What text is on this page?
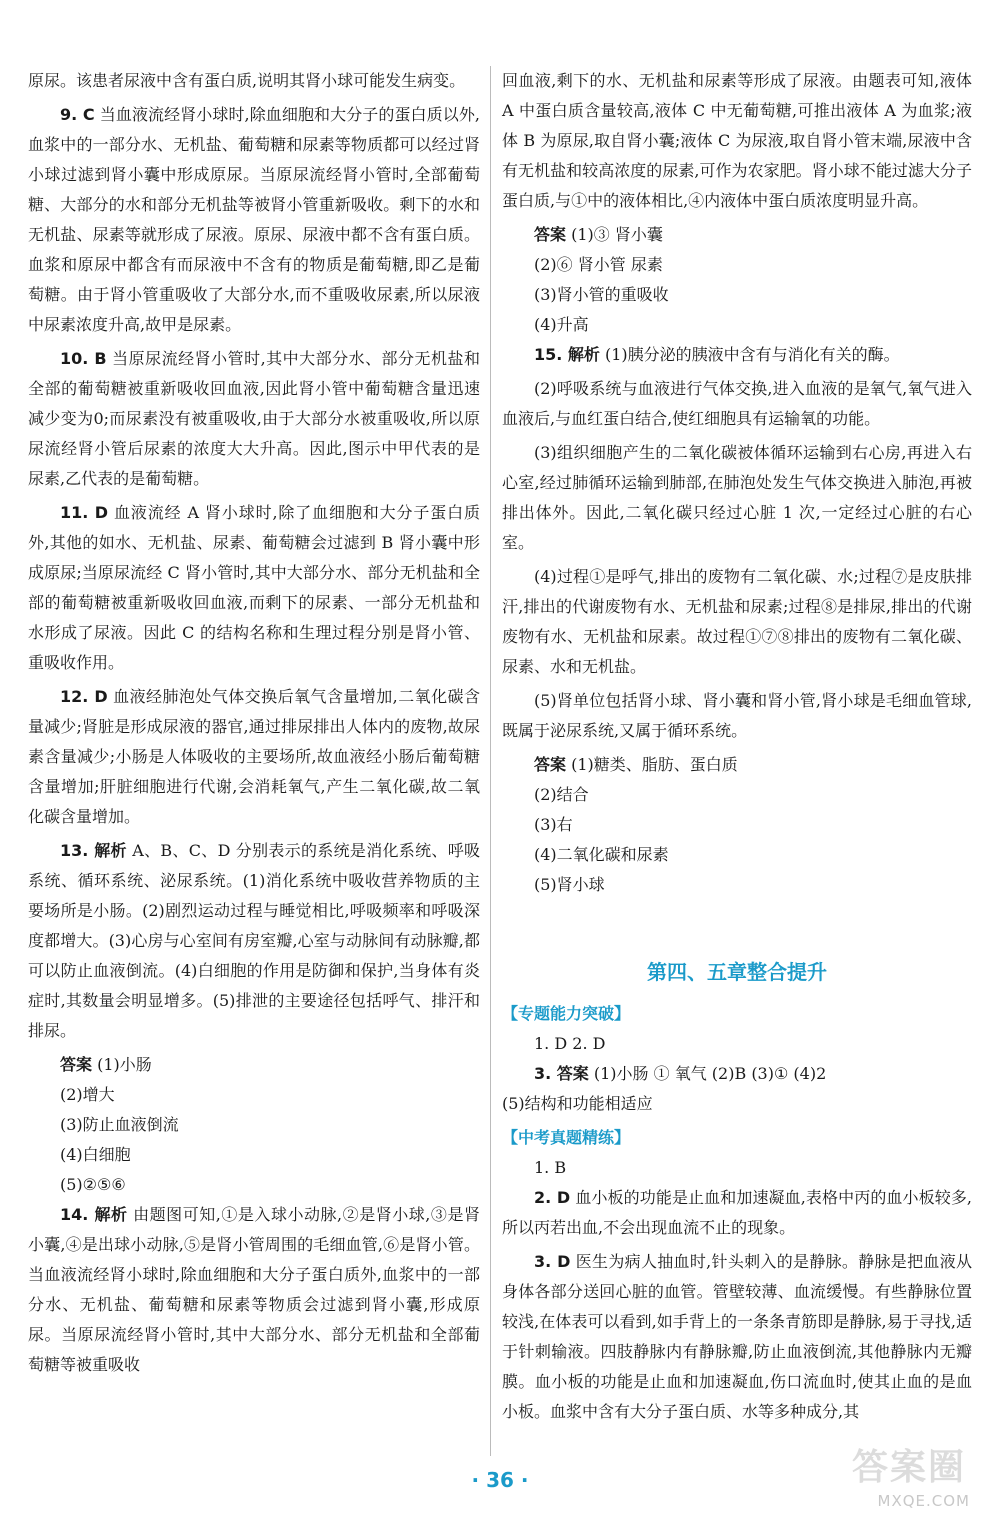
原尿。该患者尿液中含有蛋白质,说明其肾小球可能发生病变。
9. C 当血液流经肾小球时,除血细胞和大分子的蛋白质以外,血浆中的一部分水、无机盐、葡萄糖和尿素等物质都可以经过肾小球过滤到肾小囊中形成原尿。当原尿流经肾小管时,全部葡萄糖、大部分的水和部分无机盐等被肾小管重新吸收。剩下的水和无机盐、尿素等就形成了尿液。原尿、尿液中都不含有蛋白质。血浆和原尿中都含有而尿液中不含有的物质是葡萄糖,即乙是葡萄糖。由于肾小管重吸收了大部分水,而不重吸收尿素,所以尿液中尿素浓度升高,故甲是尿素。
10. B 当原尿流经肾小管时,其中大部分水、部分无机盐和全部的葡萄糖被重新吸收回血液,因此肾小管中葡萄糖含量迅速减少变为0;而尿素没有被重吸收,由于大部分水被重吸收,所以原尿流经肾小管后尿素的浓度大大升高。因此,图示中甲代表的是尿素,乙代表的是葡萄糖。
11. D 血液流经 A 肾小球时,除了血细胞和大分子蛋白质外,其他的如水、无机盐、尿素、葡萄糖会过滤到 B 肾小囊中形成原尿;当原尿流经 C 肾小管时,其中大部分水、部分无机盐和全部的葡萄糖被重新吸收回血液,而剩下的尿素、一部分无机盐和水形成了尿液。因此 C 的结构名称和生理过程分别是肾小管、重吸收作用。
12. D 血液经肺泡处气体交换后氧气含量增加,二氧化碳含量减少;肾脏是形成尿液的器官,通过排尿排出人体内的废物,故尿素含量减少;小肠是人体吸收的主要场所,故血液经小肠后葡萄糖含量增加;肝脏细胞进行代谢,会消耗氧气,产生二氧化碳,故二氧化碳含量增加。
13. 解析 A、B、C、D 分别表示的系统是消化系统、呼吸系统、循环系统、泌尿系统。(1)消化系统中吸收营养物质的主要场所是小肠。(2)剧烈运动过程与睡觉相比,呼吸频率和呼吸深度都增大。(3)心房与心室间有房室瓣,心室与动脉间有动脉瓣,都可以防止血液倒流。(4)白细胞的作用是防御和保护,当身体有炎症时,其数量会明显增多。(5)排泄的主要途径包括呼气、排汗和排尿。
答案 (1)小肠
(2)增大
(3)防止血液倒流
(4)白细胞
(5)②⑤⑥
14. 解析 由题图可知,①是入球小动脉,②是肾小球,③是肾小囊,④是出球小动脉,⑤是肾小管周围的毛细血管,⑥是肾小管。当血液流经肾小球时,除血细胞和大分子蛋白质外,血浆中的一部分水、无机盐、葡萄糖和尿素等物质会过滤到肾小囊,形成原尿。当原尿流经肾小管时,其中大部分水、部分无机盐和全部葡萄糖等被重吸收
回血液,剩下的水、无机盐和尿素等形成了尿液。由题表可知,液体 A 中蛋白质含量较高,液体 C 中无葡萄糖,可推出液体 A 为血浆;液体 B 为原尿,取自肾小囊;液体 C 为尿液,取自肾小管末端,尿液中含有无机盐和较高浓度的尿素,可作为农家肥。肾小球不能过滤大分子蛋白质,与①中的液体相比,④内液体中蛋白质浓度明显升高。
答案 (1)③ 肾小囊
(2)⑥ 肾小管 尿素
(3)肾小管的重吸收
(4)升高
15. 解析 (1)胰分泌的胰液中含有与消化有关的酶。
(2)呼吸系统与血液进行气体交换,进入血液的是氧气,氧气进入血液后,与血红蛋白结合,使红细胞具有运输氧的功能。
(3)组织细胞产生的二氧化碳被体循环运输到右心房,再进入右心室,经过肺循环运输到肺部,在肺泡处发生气体交换进入肺泡,再被排出体外。因此,二氧化碳只经过心脏 1 次,一定经过心脏的右心室。
(4)过程①是呼气,排出的废物有二氧化碳、水;过程⑦是皮肤排汗,排出的代谢废物有水、无机盐和尿素;过程⑧是排尿,排出的代谢废物有水、无机盐和尿素。故过程①⑦⑧排出的废物有二氧化碳、尿素、水和无机盐。
(5)肾单位包括肾小球、肾小囊和肾小管,肾小球是毛细血管球,既属于泌尿系统,又属于循环系统。
答案 (1)糖类、脂肪、蛋白质
(2)结合
(3)右
(4)二氧化碳和尿素
(5)肾小球
第四、五章整合提升
【专题能力突破】
1. D 2. D
3. 答案 (1)小肠 ① 氧气 (2)B (3)① (4)2
(5)结构和功能相适应
【中考真题精练】
1. B
2. D 血小板的功能是止血和加速凝血,表格中丙的血小板较多,所以丙若出血,不会出现血流不止的现象。
3. D 医生为病人抽血时,针头刺入的是静脉。静脉是把血液从身体各部分送回心脏的血管。管壁较薄、血流缓慢。有些静脉位置较浅,在体表可以看到,如手背上的一条条青筋即是静脉,易于寻找,适于针刺输液。四肢静脉内有静脉瓣,防止血液倒流,其他静脉内无瓣膜。血小板的功能是止血和加速凝血,伤口流血时,使其止血的是血小板。血浆中含有大分子蛋白质、水等多种成分,其
· 36 ·	答案圈
MXQE.COM
